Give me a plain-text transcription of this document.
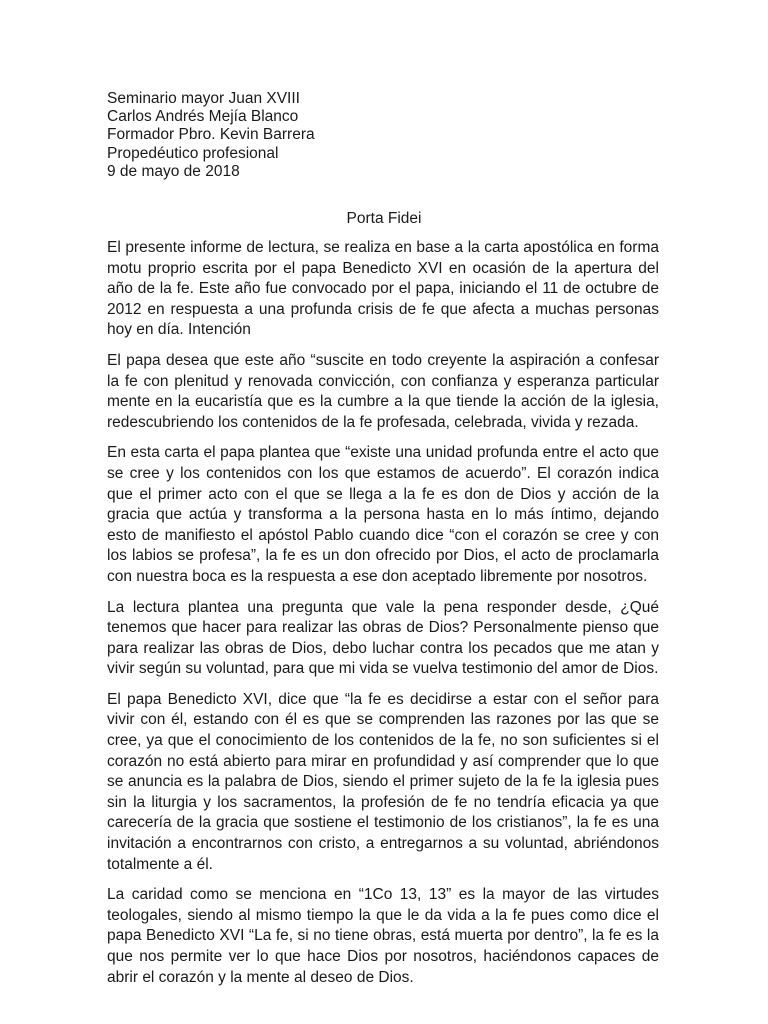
Seminario mayor Juan XVIII
Carlos Andrés Mejía Blanco
Formador Pbro. Kevin Barrera
Propedéutico profesional
9 de mayo de 2018
Porta Fidei

El presente informe de lectura, se realiza en base a la carta apostólica en forma motu proprio escrita por el papa Benedicto XVI en ocasión de la apertura del año de la fe. Este año fue convocado por el papa, iniciando el 11 de octubre de 2012 en respuesta a una profunda crisis de fe que afecta a muchas personas hoy en día. Intención

El papa desea que este año “suscite en todo creyente la aspiración a confesar la fe con plenitud y renovada convicción, con confianza y esperanza particular mente en la eucaristía que es la cumbre a la que tiende la acción de la iglesia, redescubriendo los contenidos de la fe profesada, celebrada, vivida y rezada.

En esta carta el papa plantea que “existe una unidad profunda entre el acto que se cree y los contenidos con los que estamos de acuerdo”. El corazón indica que el primer acto con el que se llega a la fe es don de Dios y acción de la gracia que actúa y transforma a la persona hasta en lo más íntimo, dejando esto de manifiesto el apóstol Pablo cuando dice “con el corazón se cree y con los labios se profesa”, la fe es un don ofrecido por Dios, el acto de proclamarla con nuestra boca es la respuesta a ese don aceptado libremente por nosotros.

La lectura plantea una pregunta que vale la pena responder desde, ¿Qué tenemos que hacer para realizar las obras de Dios? Personalmente pienso que para realizar las obras de Dios, debo luchar contra los pecados que me atan y vivir según su voluntad, para que mi vida se vuelva testimonio del amor de Dios.

El papa Benedicto XVI, dice que “la fe es decidirse a estar con el señor para vivir con él, estando con él es que se comprenden las razones por las que se cree, ya que el conocimiento de los contenidos de la fe, no son suficientes si el corazón no está abierto para mirar en profundidad y así comprender que lo que se anuncia es la palabra de Dios, siendo el primer sujeto de la fe la iglesia pues sin la liturgia y los sacramentos, la profesión de fe no tendría eficacia ya que carecería de la gracia que sostiene el testimonio de los cristianos”, la fe es una invitación a encontrarnos con cristo, a entregarnos a su voluntad, abriéndonos totalmente a él.

La caridad como se menciona en “1Co 13, 13” es la mayor de las virtudes teologales, siendo al mismo tiempo la que le da vida a la fe pues como dice el papa Benedicto XVI “La fe, si no tiene obras, está muerta por dentro”, la fe es la que nos permite ver lo que hace Dios por nosotros, haciéndonos capaces de abrir el corazón y la mente al deseo de Dios.
